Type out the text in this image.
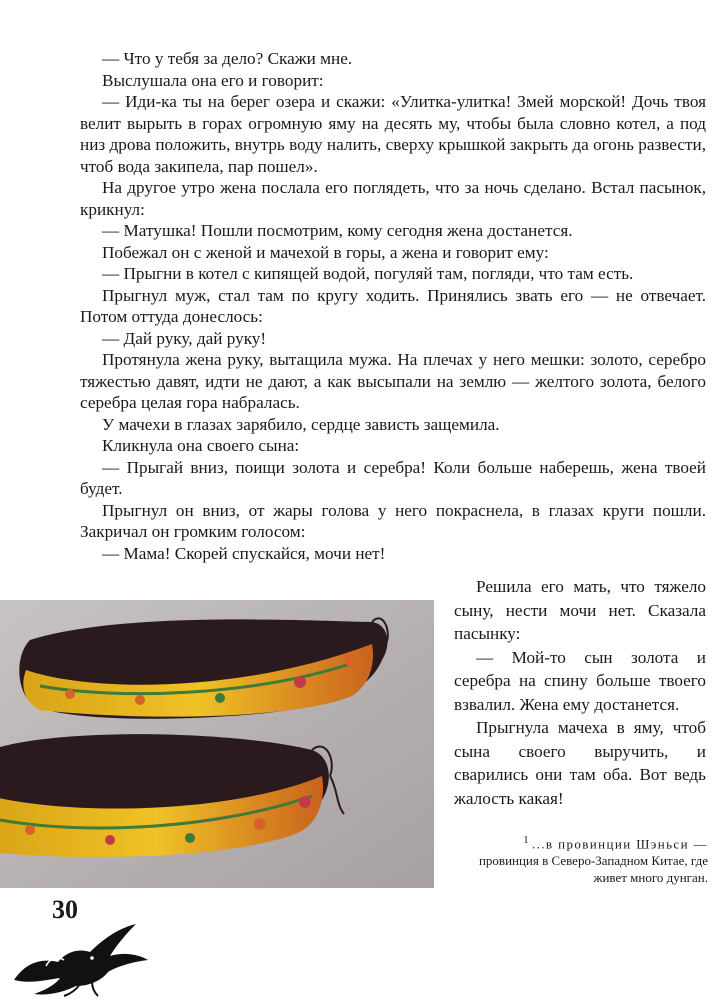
— Что у тебя за дело? Скажи мне.

Выслушала она его и говорит:

— Иди-ка ты на берег озера и скажи: «Улитка-улитка! Змей морской! Дочь твоя велит вырыть в горах огромную яму на десять му, чтобы была словно котел, а под низ дрова положить, внутрь воду налить, сверху крышкой закрыть да огонь развести, чтоб вода закипела, пар пошел».

На другое утро жена послала его поглядеть, что за ночь сделано. Встал пасынок, крикнул:

— Матушка! Пошли посмотрим, кому сегодня жена достанется.

Побежал он с женой и мачехой в горы, а жена и говорит ему:

— Прыгни в котел с кипящей водой, погуляй там, погляди, что там есть.

Прыгнул муж, стал там по кругу ходить. Принялись звать его — не отвечает. Потом оттуда донеслось:

— Дай руку, дай руку!

Протянула жена руку, вытащила мужа. На плечах у него мешки: золото, серебро тяжестью давят, идти не дают, а как высыпали на землю — желтого золота, белого серебра целая гора набралась.

У мачехи в глазах зарябило, сердце зависть защемила.

Кликнула она своего сына:

— Прыгай вниз, поищи золота и серебра! Коли больше наберешь, жена твоей будет.

Прыгнул он вниз, от жары голова у него покраснела, в глазах круги пошли. Закричал он громким голосом:

— Мама! Скорей спускайся, мочи нет!

Решила его мать, что тяжело сыну, нести мочи нет. Сказала пасынку:

— Мой-то сын золота и серебра на спину больше твоего взвалил. Жена ему достанется.

Прыгнула мачеха в яму, чтоб сына своего выручить, и сварились они там оба. Вот ведь жалость какая!

$^1$ ...в провинции Шэньси —
провинция в Северо-Западном Китае, где живет много дунган.

30
